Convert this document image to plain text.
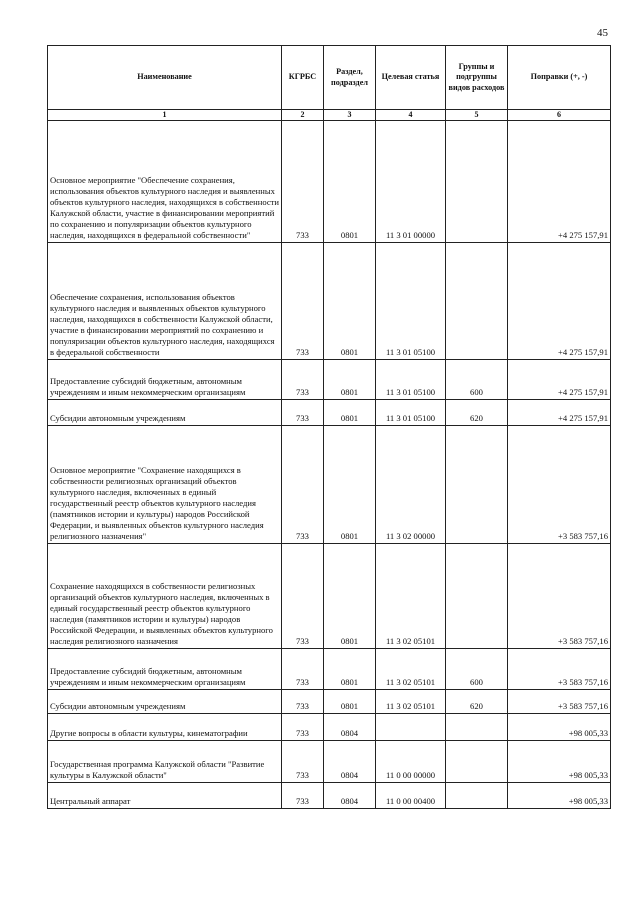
45
Наименование	КГРБС	Раздел, подраздел	Целевая статья	Группы и подгруппы видов расходов	Поправки (+, -)
1	2	3	4	5	6
Основное мероприятие "Обеспечение сохранения, использования объектов культурного наследия и выявленных объектов культурного наследия, находящихся в собственности Калужской области, участие в финансировании мероприятий по сохранению и популяризации объектов культурного наследия, находящихся в федеральной собственности"	733	0801	11 3 01 00000		+4 275 157,91
Обеспечение сохранения, использования объектов культурного наследия и выявленных объектов культурного наследия, находящихся в собственности Калужской области, участие в финансировании мероприятий по сохранению и популяризации объектов культурного наследия, находящихся в федеральной собственности	733	0801	11 3 01 05100		+4 275 157,91
Предоставление субсидий бюджетным, автономным учреждениям и иным некоммерческим организациям	733	0801	11 3 01 05100	600	+4 275 157,91
Субсидии автономным учреждениям	733	0801	11 3 01 05100	620	+4 275 157,91
Основное мероприятие "Сохранение находящихся в собственности религиозных организаций объектов культурного наследия, включенных в единый государственный реестр объектов культурного наследия (памятников истории и культуры) народов Российской Федерации, и выявленных объектов культурного наследия религиозного назначения"	733	0801	11 3 02 00000		+3 583 757,16
Сохранение находящихся в собственности религиозных организаций объектов культурного наследия, включенных в единый государственный реестр объектов культурного наследия (памятников истории и культуры) народов Российской Федерации, и выявленных объектов культурного наследия религиозного назначения	733	0801	11 3 02 05101		+3 583 757,16
Предоставление субсидий бюджетным, автономным учреждениям и иным некоммерческим организациям	733	0801	11 3 02 05101	600	+3 583 757,16
Субсидии автономным учреждениям	733	0801	11 3 02 05101	620	+3 583 757,16
Другие вопросы в области культуры, кинематографии	733	0804			+98 005,33
Государственная программа Калужской области "Развитие культуры в Калужской области"	733	0804	11 0 00 00000		+98 005,33
Центральный аппарат	733	0804	11 0 00 00400		+98 005,33
